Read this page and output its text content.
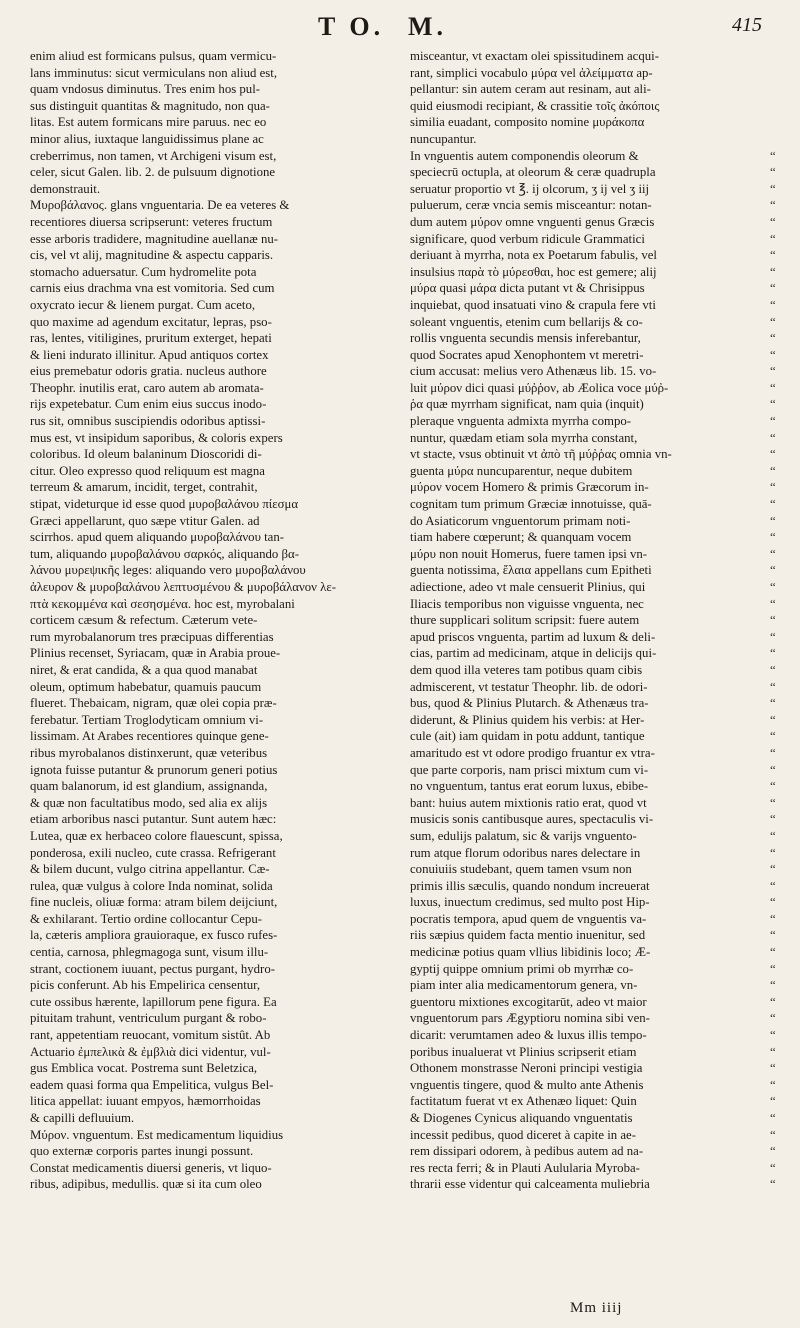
T O. M.	415
enim aliud est formicans pulsus, quam vermicu-
lans imminutus: sicut vermiculans non aliud est,
quam vndosus diminutus. Tres enim hos pul-
sus distinguit quantitas & magnitudo, non qua-
litas. Est autem formicans mire paruus. nec eo
minor alius, iuxtaque languidissimus plane ac
creberrimus, non tamen, vt Archigeni visum est,
celer, sicut Galen. lib. 2. de pulsuum dignotione
demonstrauit.
Μυροβάλανος. glans vnguentaria. De ea veteres &
recentiores diuersa scripserunt: veteres fructum
esse arboris tradidere, magnitudine auellanæ nu-
cis, vel vt alij, magnitudine & aspectu capparis.
stomacho aduersatur. Cum hydromelite pota
carnis eius drachma vna est vomitoria. Sed cum
oxycrato iecur & lienem purgat. Cum aceto,
quo maxime ad agendum excitatur, lepras, pso-
ras, lentes, vitiligines, pruritum exterget, hepati
& lieni indurato illinitur. Apud antiquos cortex
eius premebatur odoris gratia. nucleus authore
Theophr. inutilis erat, caro autem ab aromata-
rijs expetebatur. Cum enim eius succus inodo-
rus sit, omnibus suscipiendis odoribus aptissi-
mus est, vt insipidum saporibus, & coloris expers
coloribus. Id oleum balaninum Dioscoridi di-
citur. Oleo expresso quod reliquum est magna
terreum & amarum, incidit, terget, contrahit,
stipat, videturque id esse quod μυροβαλάνου πίεσμα
Græci appellarunt, quo sæpe vtitur Galen. ad
scirrhos. apud quem aliquando μυροβαλάνου tan-
tum, aliquando μυροβαλάνου σαρκός, aliquando βα-
λάνου μυρεψικῆς leges: aliquando vero μυροβαλάνου
ἀλευρον & μυροβαλάνου λεπτυσμένου & μυροβάλανον λε-
πτὰ κεκομμένα καὶ σεσησμένα. hoc est, myrobalani
corticem cæsum & refectum. Cæterum vete-
rum myrobalanorum tres præcipuas differentias
Plinius recenset, Syriacam, quæ in Arabia proue-
niret, & erat candida, & a qua quod manabat
oleum, optimum habebatur, quamuis paucum
flueret. Thebaicam, nigram, quæ olei copia præ-
ferebatur. Tertiam Troglodyticam omnium vi-
lissimam. At Arabes recentiores quinque gene-
ribus myrobalanos distinxerunt, quæ veteribus
ignota fuisse putantur & prunorum generi potius
quam balanorum, id est glandium, assignanda,
& quæ non facultatibus modo, sed alia ex alijs
etiam arboribus nasci putantur. Sunt autem hæc:
Lutea, quæ ex herbaceo colore flauescunt, spissa,
ponderosa, exili nucleo, cute crassa. Refrigerant
& bilem ducunt, vulgo citrina appellantur. Cæ-
rulea, quæ vulgus à colore Inda nominat, solida
fine nucleis, oliuæ forma: atram bilem deijciunt,
& exhilarant. Tertio ordine collocantur Cepu-
la, cæteris ampliora grauioraque, ex fusco rufes-
centia, carnosa, phlegmagoga sunt, visum illu-
strant, coctionem iuuant, pectus purgant, hydro-
picis conferunt. Ab his Empelirica censentur,
cute ossibus hærente, lapillorum pene figura. Ea
pituitam trahunt, ventriculum purgant & robo-
rant, appetentiam reuocant, vomitum sistût. Ab
Actuario ἐμπελικὰ & ἐμβλιὰ dici videntur, vul-
gus Emblica vocat. Postrema sunt Beletzica,
eadem quasi forma qua Empelitica, vulgus Bel-
litica appellat: iuuant empyos, hæmorrhoidas
& capilli defluuium.
Μύρον. vnguentum. Est medicamentum liquidius
quo externæ corporis partes inungi possunt.
Constat medicamentis diuersi generis, vt liquo-
ribus, adipibus, medullis. quæ si ita cum oleo
misceantur, vt exactam olei spissitudinem acqui-
rant, simplici vocabulo μύρα vel ἀλείμματα ap-
pellantur: sin autem ceram aut resinam, aut ali-
quid eiusmodi recipiant, & crassitie τοῖς ἀκόποις
similia euadant, composito nomine μυράκοπα
nuncupantur.
In vnguentis autem componendis oleorum &
speciecrū octupla, at oleorum & ceræ quadrupla
seruatur proportio vt ℥. ij olcorum, ʒ ij vel ʒ iij
puluerum, ceræ vncia semis misceantur: notan-
dum autem μύρον omne vnguenti genus Græcis
significare, quod verbum ridicule Grammatici
deriuant à myrrha, nota ex Poetarum fabulis, vel
insulsius παρὰ τὸ μύρεσθαι, hoc est gemere; alij
μύρα quasi μάρα dicta putant vt & Chrisippus
inquiebat, quod insatuati vino & crapula fere vti
soleant vnguentis, etenim cum bellarijs & co-
rollis vnguenta secundis mensis inferebantur,
quod Socrates apud Xenophontem vt meretri-
cium accusat: melius vero Athenæus lib. 15. vo-
luit μύρον dici quasi μύῤῥον, ab Æolica voce μύῤ-
ῥα quæ myrrham significat, nam quia (inquit)
pleraque vnguenta admixta myrrha compo-
nuntur, quædam etiam sola myrrha constant,
vt stacte, vsus obtinuit vt ἀπὸ τῆ μύῤῥας omnia vn-
guenta μύρα nuncuparentur, neque dubitem
μύρον vocem Homero & primis Græcorum in-
cognitam tum primum Græciæ innotuisse, quā-
do Asiaticorum vnguentorum primam noti-
tiam habere cœperunt; & quanquam vocem
μύρυ non nouit Homerus, fuere tamen ipsi vn-
guenta notissima, ἔλαια appellans cum Epitheti
adiectione, adeo vt male censuerit Plinius, qui
Iliacis temporibus non viguisse vnguenta, nec
thure supplicari solitum scripsit: fuere autem
apud priscos vnguenta, partim ad luxum & deli-
cias, partim ad medicinam, atque in delicijs qui-
dem quod illa veteres tam potibus quam cibis
admiscerent, vt testatur Theophr. lib. de odori-
bus, quod & Plinius Plutarch. & Athenæus tra-
diderunt, & Plinius quidem his verbis: at Her-
cule (ait) iam quidam in potu addunt, tantique
amaritudo est vt odore prodigo fruantur ex vtra-
que parte corporis, nam prisci mixtum cum vi-
no vnguentum, tantus erat eorum luxus, ebibe-
bant: huius autem mixtionis ratio erat, quod vt
musicis sonis cantibusque aures, spectaculis vi-
sum, edulijs palatum, sic & varijs vnguento-
rum atque florum odoribus nares delectare in
conuiuiis studebant, quem tamen vsum non
primis illis sæculis, quando nondum increuerat
luxus, inuectum credimus, sed multo post Hip-
pocratis tempora, apud quem de vnguentis va-
riis sæpius quidem facta mentio inuenitur, sed
medicinæ potius quam vllius libidinis loco; Æ-
gyptij quippe omnium primi ob myrrhæ co-
piam inter alia medicamentorum genera, vn-
guentoru mixtiones excogitarūt, adeo vt maior
vnguentorum pars Ægyptioru nomina sibi ven-
dicarit: verumtamen adeo & luxus illis tempo-
poribus inualuerat vt Plinius scripserit etiam
Othonem monstrasse Neroni principi vestigia
vnguentis tingere, quod & multo ante Athenis
factitatum fuerat vt ex Athenæo liquet: Quin
& Diogenes Cynicus aliquando vnguentatis
incessit pedibus, quod diceret à capite in ae-
rem dissipari odorem, à pedibus autem ad na-
res recta ferri; & in Plauti Aulularia Myroba-
thrarii esse videntur qui calceamenta muliebria
“
“
“
“
“
“
“
“
“
“
“
“
“
“
“
“
“
“
“
“
“
“
“
“
“
“
“
“
“
“
“
“
“
“
“
“
“
“
“
“
“
“
“
“
“
“
“
“
“
“
“
“
“
“
“
“
“
“
“
“
“
“
“
Mm iiij
